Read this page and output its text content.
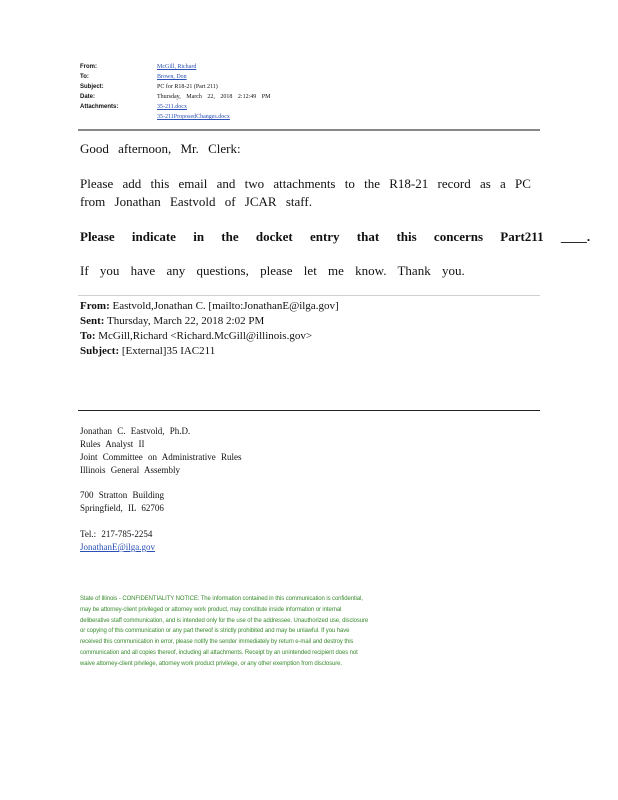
From:	McGill, Richard
To:	Brown, Don
Subject:	PC for R18-21 (Part 211)
Date:	Thursday, March 22, 2018 2:12:49 PM
Attachments:	35-211.docx
35-211ProposedChanges.docx
Good afternoon, Mr. Clerk:
Please add this email and two attachments to the R18-21 record as a PC
from Jonathan Eastvold of JCAR staff.
Please indicate in the docket entry that this concerns Part211 ____.
If you have any questions, please let me know. Thank you.
From: Eastvold,Jonathan C. [mailto:JonathanE@ilga.gov]
Sent: Thursday, March 22, 2018 2:02 PM
To: McGill,Richard <Richard.McGill@illinois.gov>
Subject: [External]35 IAC211
Jonathan C. Eastvold, Ph.D.
Rules Analyst II
Joint Committee on Administrative Rules
Illinois General Assembly
700 Stratton Building
Springfield, IL 62706
Tel.: 217-785-2254
JonathanE@ilga.gov
State of Illinois - CONFIDENTIALITY NOTICE: The information contained in this communication is confidential, may be attorney-client privileged or attorney work product, may constitute inside information or internal deliberative staff communication, and is intended only for the use of the addressee. Unauthorized use, disclosure or copying of this communication or any part thereof is strictly prohibited and may be unlawful. If you have received this communication in error, please notify the sender immediately by return e-mail and destroy this communication and all copies thereof, including all attachments. Receipt by an unintended recipient does not waive attorney-client privilege, attorney work product privilege, or any other exemption from disclosure.
